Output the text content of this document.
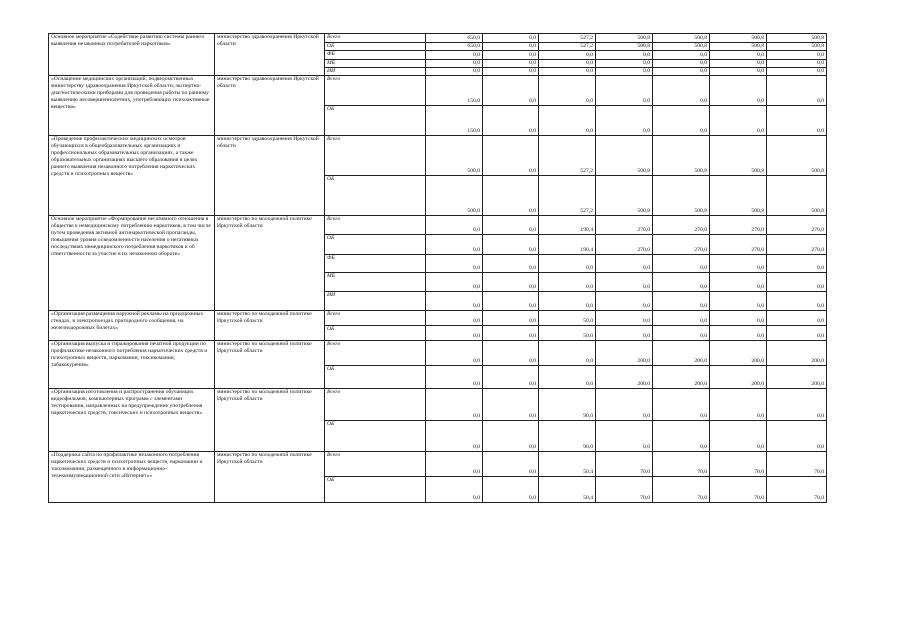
Основное мероприятие «Содействие развитию системы раннего выявления незаконных потребителей наркотиков»	министерство здравоохранения Иркутской области	Всего	650,0	0,0	527,2	500,8	500,8	500,8	500,8
		ОБ	650,0	0,0	527,2	500,8	500,8	500,8	500,8
		ФБ	0,0	0,0	0,0	0,0	0,0	0,0	0,0
		МБ	0,0	0,0	0,0	0,0	0,0	0,0	0,0
		ИИ	0,0	0,0	0,0	0,0	0,0	0,0	0,0
«Оснащение медицинских организаций, подведомственных министерству здравоохранения Иркутской области, экспертно-диагностическими приборами для проведения работы по раннему выявлению несовершеннолетних, употребляющих психоактивные вещества»	министерство здравоохранения Иркутской области	Всего	150,0	0,0	0,0	0,0	0,0	0,0	0,0
		ОБ	150,0	0,0	0,0	0,0	0,0	0,0	0,0
«Проведение профилактических медицинских осмотров обучающихся в общеобразовательных организациях и профессиональных образовательных организациях, а также образовательных организациях высшего образования в целях раннего выявления незаконного потребления наркотических средств и психотропных веществ»	министерство здравоохранения Иркутской области	Всего	500,0	0,0	527,2	500,8	500,8	500,8	500,8
		ОБ	500,0	0,0	527,2	500,8	500,8	500,8	500,8
Основное мероприятие «Формирование негативного отношения в обществе к немедицинскому потреблению наркотиков, в том числе путем проведения активной антинаркотической пропаганды, повышения уровня осведомленности населения о негативных последствиях немедицинского потребления наркотиков и об ответственности за участие в их незаконном обороте»	министерство по молодежной политике Иркутской области	Всего	0,0	0,0	190,4	270,0	270,0	270,0	270,0
		ОБ	0,0	0,0	190,4	270,0	270,0	270,0	270,0
		ФБ	0,0	0,0	0,0	0,0	0,0	0,0	0,0
		МБ	0,0	0,0	0,0	0,0	0,0	0,0	0,0
		ИИ	0,0	0,0	0,0	0,0	0,0	0,0	0,0
«Организация размещения наружной рекламы на придорожных стендах, в электропоездах пригородного сообщения, на железнодорожных билетах»	министерство по молодежной политике Иркутской области	Всего	0,0	0,0	50,0	0,0	0,0	0,0	0,0
		ОБ	0,0	0,0	50,0	0,0	0,0	0,0	0,0
«Организация выпуска и тиражирования печатной продукции по профилактике незаконного потребления наркотических средств и психотропных веществ, наркомании, токсикомании, табакокурения»	министерство по молодежной политике Иркутской области	Всего	0,0	0,0	0,0	200,0	200,0	200,0	200,0
		ОБ	0,0	0,0	0,0	200,0	200,0	200,0	200,0
«Организация изготовления и распространения обучающих видеофильмов, компьютерных программ с элементами тестирования, направленных на предупреждение употребления наркотических средств, токсических и психотропных веществ»	министерство по молодежной политике Иркутской области	Всего	0,0	0,0	90,0	0,0	0,0	0,0	0,0
		ОБ	0,0	0,0	90,0	0,0	0,0	0,0	0,0
«Поддержка сайта по профилактике незаконного потребления наркотических средств и психотропных веществ, наркомании и токсикомании, размещенного в информационно-телекоммуникационной сети «Интернет»»	министерство по молодежной политике Иркутской области	Всего	0,0	0,0	50,4	70,0	70,0	70,0	70,0
		ОБ	0,0	0,0	50,4	70,0	70,0	70,0	70,0
